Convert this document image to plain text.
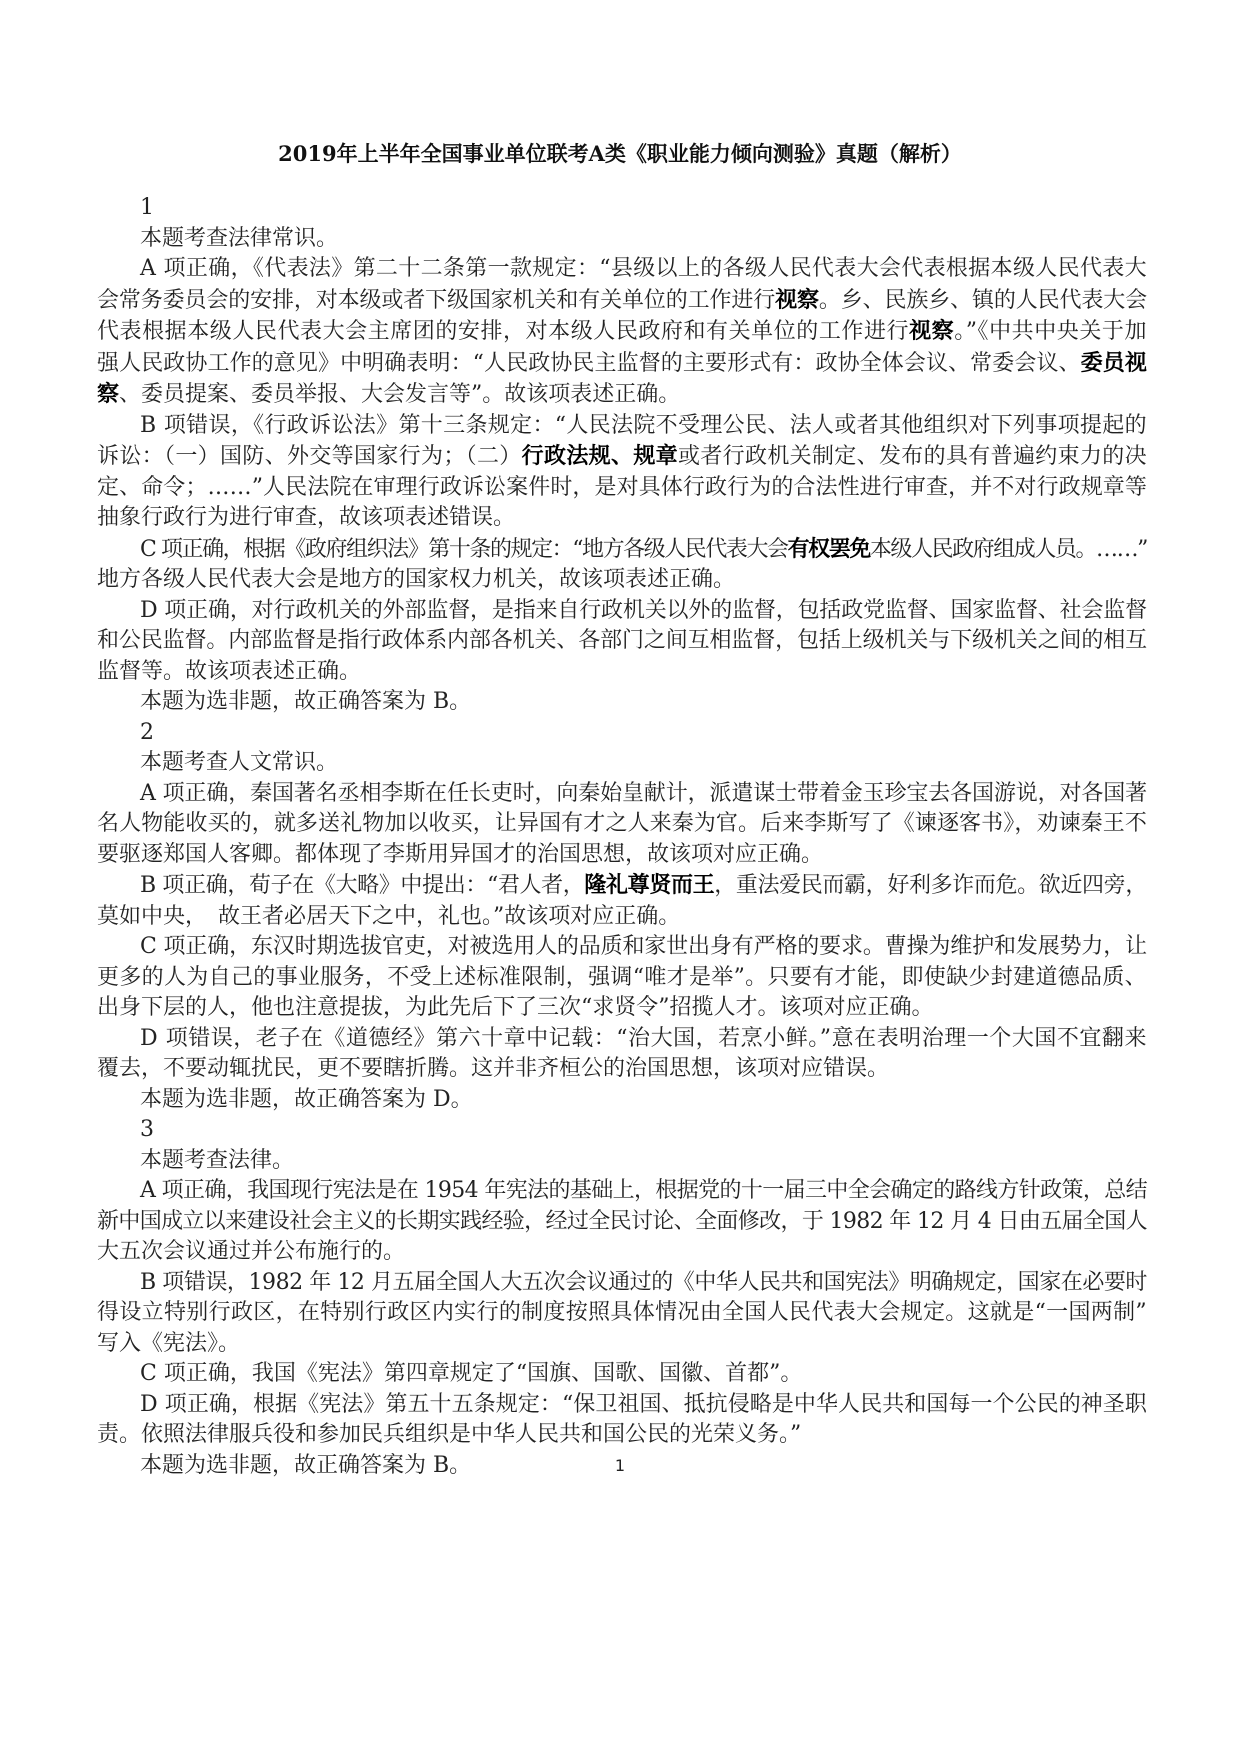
2019年上半年全国事业单位联考A类《职业能力倾向测验》真题（解析）
1
本题考查法律常识。
A 项正确，《代表法》第二十二条第一款规定：“县级以上的各级人民代表大会代表根据本级人民代表大
会常务委员会的安排，对本级或者下级国家机关和有关单位的工作进行视察。乡、民族乡、镇的人民代表大会
代表根据本级人民代表大会主席团的安排，对本级人民政府和有关单位的工作进行视察。”《中共中央关于加
强人民政协工作的意见》中明确表明：“人民政协民主监督的主要形式有：政协全体会议、常委会议、委员视
察、委员提案、委员举报、大会发言等”。故该项表述正确。
B 项错误，《行政诉讼法》第十三条规定：“人民法院不受理公民、法人或者其他组织对下列事项提起的
诉讼：（一）国防、外交等国家行为；（二）行政法规、规章或者行政机关制定、发布的具有普遍约束力的决
定、命令；……”人民法院在审理行政诉讼案件时，是对具体行政行为的合法性进行审查，并不对行政规章等
抽象行政行为进行审查，故该项表述错误。
C 项正确，根据《政府组织法》第十条的规定：“地方各级人民代表大会有权罢免本级人民政府组成人员。……”
地方各级人民代表大会是地方的国家权力机关，故该项表述正确。
D 项正确，对行政机关的外部监督，是指来自行政机关以外的监督，包括政党监督、国家监督、社会监督
和公民监督。内部监督是指行政体系内部各机关、各部门之间互相监督，包括上级机关与下级机关之间的相互
监督等。故该项表述正确。
本题为选非题，故正确答案为 B。
2
本题考查人文常识。
A 项正确，秦国著名丞相李斯在任长吏时，向秦始皇献计，派遣谋士带着金玉珍宝去各国游说，对各国著
名人物能收买的，就多送礼物加以收买，让异国有才之人来秦为官。后来李斯写了《谏逐客书》，劝谏秦王不
要驱逐郑国人客卿。都体现了李斯用异国才的治国思想，故该项对应正确。
B 项正确，荀子在《大略》中提出：“君人者，隆礼尊贤而王，重法爱民而霸，好利多诈而危。欲近四旁，
莫如中央，　故王者必居天下之中，礼也。”故该项对应正确。
C 项正确，东汉时期选拔官吏，对被选用人的品质和家世出身有严格的要求。曹操为维护和发展势力，让
更多的人为自己的事业服务，不受上述标准限制，强调“唯才是举”。只要有才能，即使缺少封建道德品质、
出身下层的人，他也注意提拔，为此先后下了三次“求贤令”招揽人才。该项对应正确。
D 项错误，老子在《道德经》第六十章中记载：“治大国，若烹小鲜。”意在表明治理一个大国不宜翻来
覆去，不要动辄扰民，更不要瞎折腾。这并非齐桓公的治国思想，该项对应错误。
本题为选非题，故正确答案为 D。
3
本题考查法律。
A 项正确，我国现行宪法是在 1954 年宪法的基础上，根据党的十一届三中全会确定的路线方针政策，总结
新中国成立以来建设社会主义的长期实践经验，经过全民讨论、全面修改，于 1982 年 12 月 4 日由五届全国人
大五次会议通过并公布施行的。
B 项错误，1982 年 12 月五届全国人大五次会议通过的《中华人民共和国宪法》明确规定，国家在必要时
得设立特别行政区，在特别行政区内实行的制度按照具体情况由全国人民代表大会规定。这就是“一国两制”
写入《宪法》。
C 项正确，我国《宪法》第四章规定了“国旗、国歌、国徽、首都”。
D 项正确，根据《宪法》第五十五条规定：“保卫祖国、抵抗侵略是中华人民共和国每一个公民的神圣职
责。依照法律服兵役和参加民兵组织是中华人民共和国公民的光荣义务。”
本题为选非题，故正确答案为 B。	1
